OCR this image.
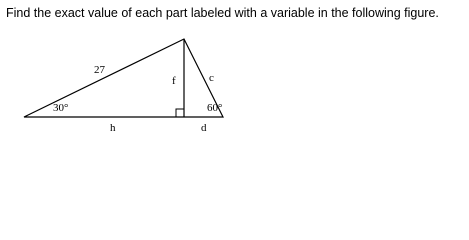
Find the exact value of each part labeled with a variable in the following figure.

27
f	c
30°	60°
h	d
